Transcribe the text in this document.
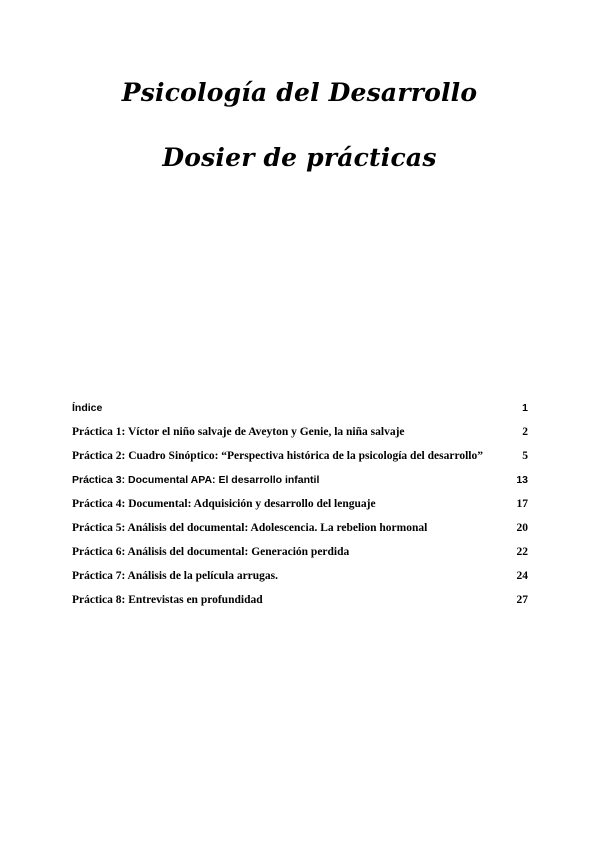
Psicología del Desarrollo
Dosier de prácticas
Índice	1
Práctica 1: Víctor el niño salvaje de Aveyton y Genie, la niña salvaje	2
Práctica 2: Cuadro Sinóptico: “Perspectiva histórica de la psicología del desarrollo”	5
Práctica 3: Documental APA: El desarrollo infantil	13
Práctica 4: Documental: Adquisición y desarrollo del lenguaje	17
Práctica 5: Análisis del documental: Adolescencia. La rebelion hormonal	20
Práctica 6: Análisis del documental: Generación perdida	22
Práctica 7: Análisis de la película arrugas.	24
Práctica 8: Entrevistas en profundidad	27
